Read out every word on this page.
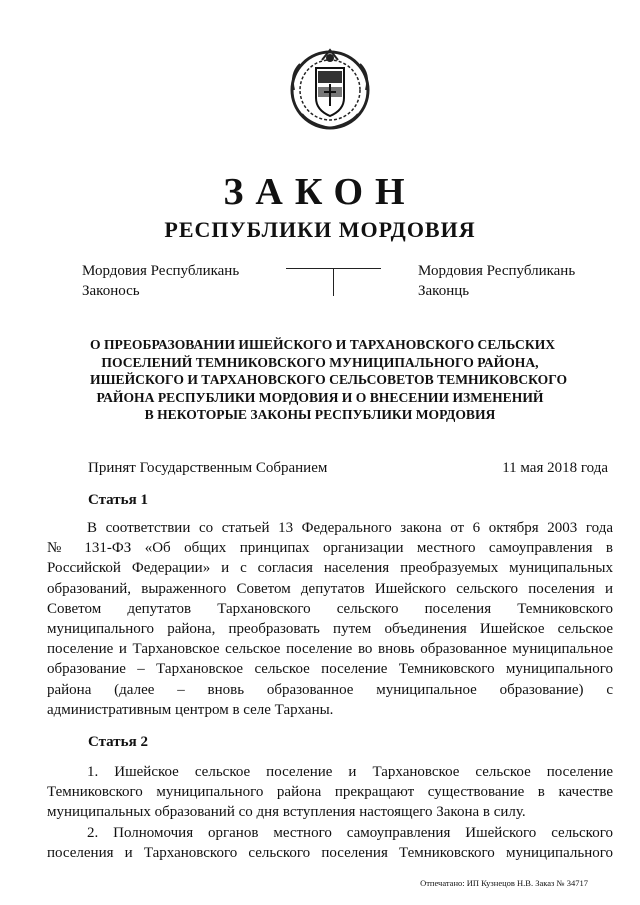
ЗАКОН
РЕСПУБЛИКИ МОРДОВИЯ
Мордовия Республикань
Законось
Мордовия Республикань
Законць
О ПРЕОБРАЗОВАНИИ ИШЕЙСКОГО И ТАРХАНОВСКОГО СЕЛЬСКИХ
ПОСЕЛЕНИЙ ТЕМНИКОВСКОГО МУНИЦИПАЛЬНОГО РАЙОНА,
ИШЕЙСКОГО И ТАРХАНОВСКОГО СЕЛЬСОВЕТОВ ТЕМНИКОВСКОГО
РАЙОНА РЕСПУБЛИКИ МОРДОВИЯ И О ВНЕСЕНИИ ИЗМЕНЕНИЙ
В НЕКОТОРЫЕ ЗАКОНЫ РЕСПУБЛИКИ МОРДОВИЯ
Принят Государственным Собранием	11 мая 2018 года
Статья 1
В соответствии со статьей 13 Федерального закона от 6 октября 2003 года
№ 131-ФЗ «Об общих принципах организации местного самоуправления в
Российской Федерации» и с согласия населения преобразуемых муниципальных
образований, выраженного Советом депутатов Ишейского сельского поселения и
Советом депутатов Тархановского сельского поселения Темниковского
муниципального района, преобразовать путем объединения Ишейское сельское
поселение и Тархановское сельское поселение во вновь образованное муниципальное
образование – Тархановское сельское поселение Темниковского муниципального
района (далее – вновь образованное муниципальное образование) с
административным центром в селе Тарханы.
Статья 2
1. Ишейское сельское поселение и Тархановское сельское поселение
Темниковского муниципального района прекращают существование в качестве
муниципальных образований со дня вступления настоящего Закона в силу.
2. Полномочия органов местного самоуправления Ишейского сельского
поселения и Тархановского сельского поселения Темниковского муниципального
Отпечатано: ИП Кузнецов Н.В. Заказ № 34717
